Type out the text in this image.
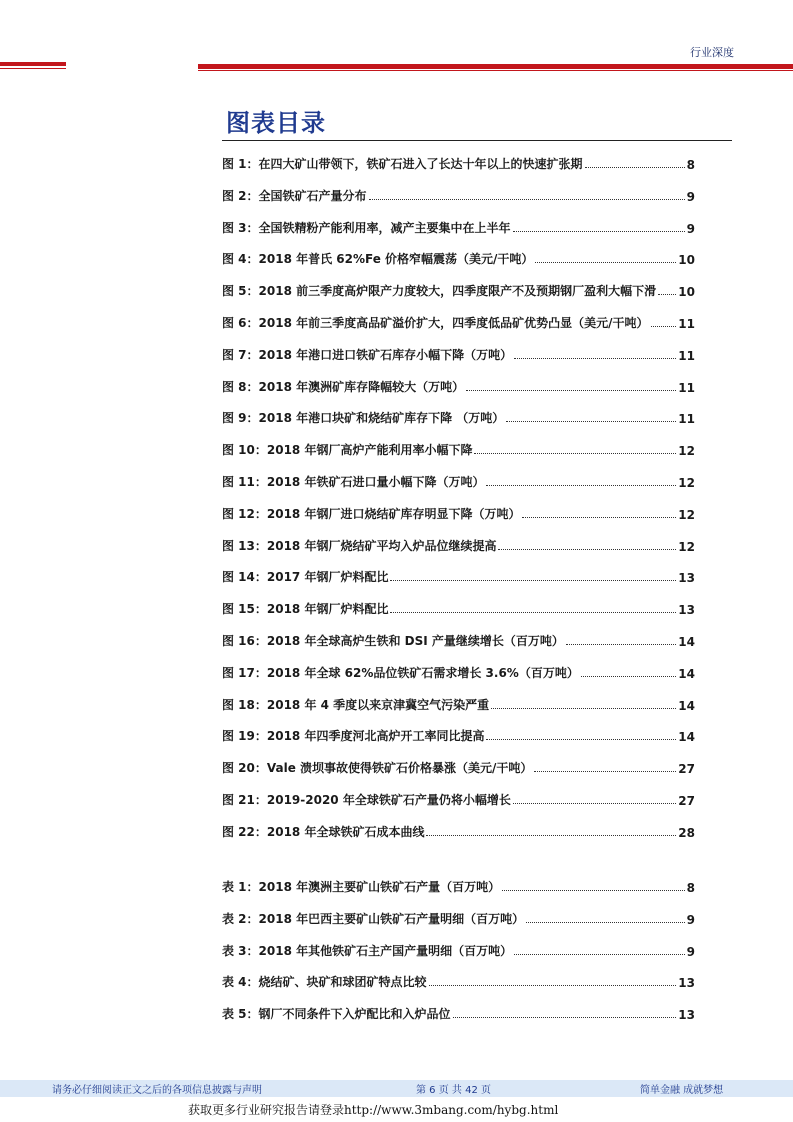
行业深度
图表目录
图 1：在四大矿山带领下，铁矿石进入了长达十年以上的快速扩张期	8
图 2：全国铁矿石产量分布	9
图 3：全国铁精粉产能利用率，减产主要集中在上半年	9
图 4：2018 年普氏 62%Fe 价格窄幅震荡（美元/干吨）	10
图 5：2018 前三季度高炉限产力度较大，四季度限产不及预期钢厂盈利大幅下滑 10
图 6：2018 年前三季度高品矿溢价扩大，四季度低品矿优势凸显（美元/干吨） 11
图 7：2018 年港口进口铁矿石库存小幅下降（万吨）	11
图 8：2018 年澳洲矿库存降幅较大（万吨）	11
图 9：2018 年港口块矿和烧结矿库存下降 （万吨）	11
图 10：2018 年钢厂高炉产能利用率小幅下降	12
图 11：2018 年铁矿石进口量小幅下降（万吨）	12
图 12：2018 年钢厂进口烧结矿库存明显下降（万吨）	12
图 13：2018 年钢厂烧结矿平均入炉品位继续提高	12
图 14：2017 年钢厂炉料配比	13
图 15：2018 年钢厂炉料配比	13
图 16：2018 年全球高炉生铁和 DSI 产量继续增长（百万吨）	14
图 17：2018 年全球 62%品位铁矿石需求增长 3.6%（百万吨）	14
图 18：2018 年 4 季度以来京津冀空气污染严重	14
图 19：2018 年四季度河北高炉开工率同比提高	14
图 20：Vale 溃坝事故使得铁矿石价格暴涨（美元/干吨）	27
图 21：2019-2020 年全球铁矿石产量仍将小幅增长	27
图 22：2018 年全球铁矿石成本曲线	28
表 1：2018 年澳洲主要矿山铁矿石产量（百万吨）	8
表 2：2018 年巴西主要矿山铁矿石产量明细（百万吨）	9
表 3：2018 年其他铁矿石主产国产量明细（百万吨）	9
表 4：烧结矿、块矿和球团矿特点比较	13
表 5：钢厂不同条件下入炉配比和入炉品位	13
请务必仔细阅读正文之后的各项信息披露与声明	第 6 页 共 42 页	简单金融 成就梦想
获取更多行业研究报告请登录http://www.3mbang.com/hybg.html
